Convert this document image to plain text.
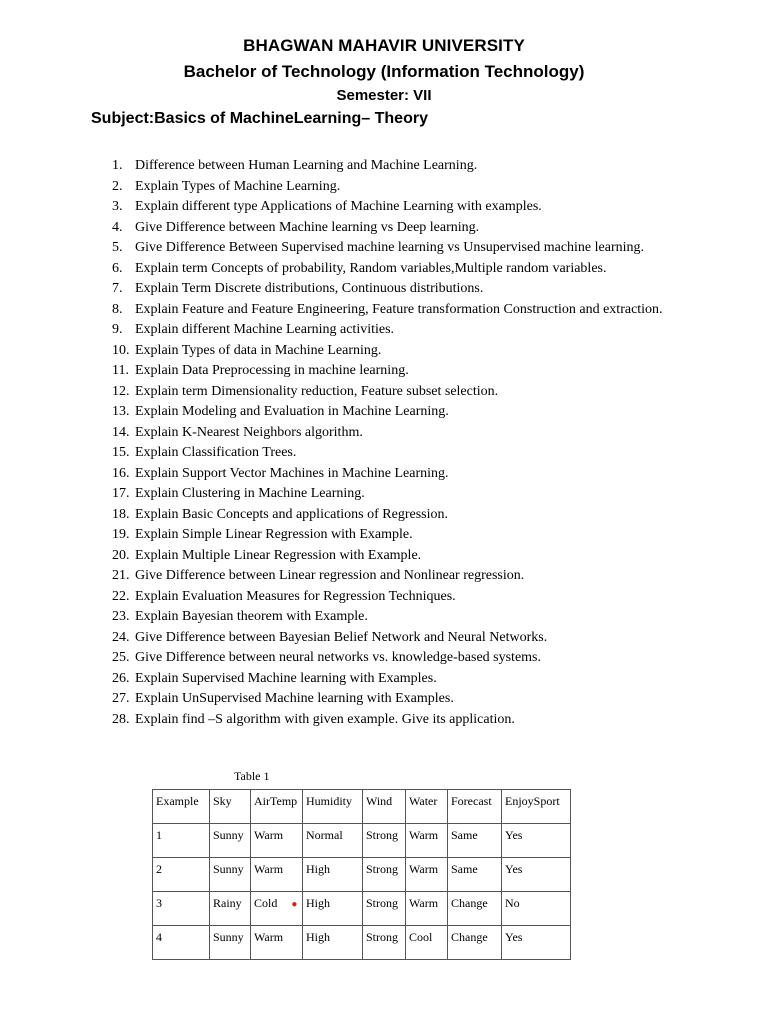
BHAGWAN MAHAVIR UNIVERSITY
Bachelor of Technology (Information Technology)
Semester: VII
Subject:Basics of MachineLearning– Theory
1. Difference between Human Learning and Machine Learning.
2. Explain Types of Machine Learning.
3. Explain different type Applications of Machine Learning with examples.
4. Give Difference between Machine learning vs Deep learning.
5. Give Difference Between Supervised machine learning vs Unsupervised machine learning.
6. Explain term Concepts of probability, Random variables,Multiple random variables.
7. Explain Term Discrete distributions, Continuous distributions.
8. Explain Feature and Feature Engineering, Feature transformation Construction and extraction.
9. Explain different Machine Learning activities.
10. Explain Types of data in Machine Learning.
11. Explain Data Preprocessing in machine learning.
12. Explain term Dimensionality reduction, Feature subset selection.
13. Explain Modeling and Evaluation in Machine Learning.
14. Explain K-Nearest Neighbors algorithm.
15. Explain Classification Trees.
16. Explain Support Vector Machines in Machine Learning.
17. Explain Clustering in Machine Learning.
18. Explain Basic Concepts and applications of Regression.
19. Explain Simple Linear Regression with Example.
20. Explain Multiple Linear Regression with Example.
21. Give Difference between Linear regression and Nonlinear regression.
22. Explain Evaluation Measures for Regression Techniques.
23. Explain Bayesian theorem with Example.
24. Give Difference between Bayesian Belief Network and Neural Networks.
25. Give Difference between neural networks vs. knowledge-based systems.
26. Explain Supervised Machine learning with Examples.
27. Explain UnSupervised Machine learning with Examples.
28. Explain find –S algorithm with given example. Give its application.
Table 1
Example	Sky	AirTemp	Humidity	Wind	Water	Forecast	EnjoySport
1	Sunny	Warm	Normal	Strong	Warm	Same	Yes
2	Sunny	Warm	High	Strong	Warm	Same	Yes
3	Rainy	Cold ●	High	Strong	Warm	Change	No
4	Sunny	Warm	High	Strong	Cool	Change	Yes
